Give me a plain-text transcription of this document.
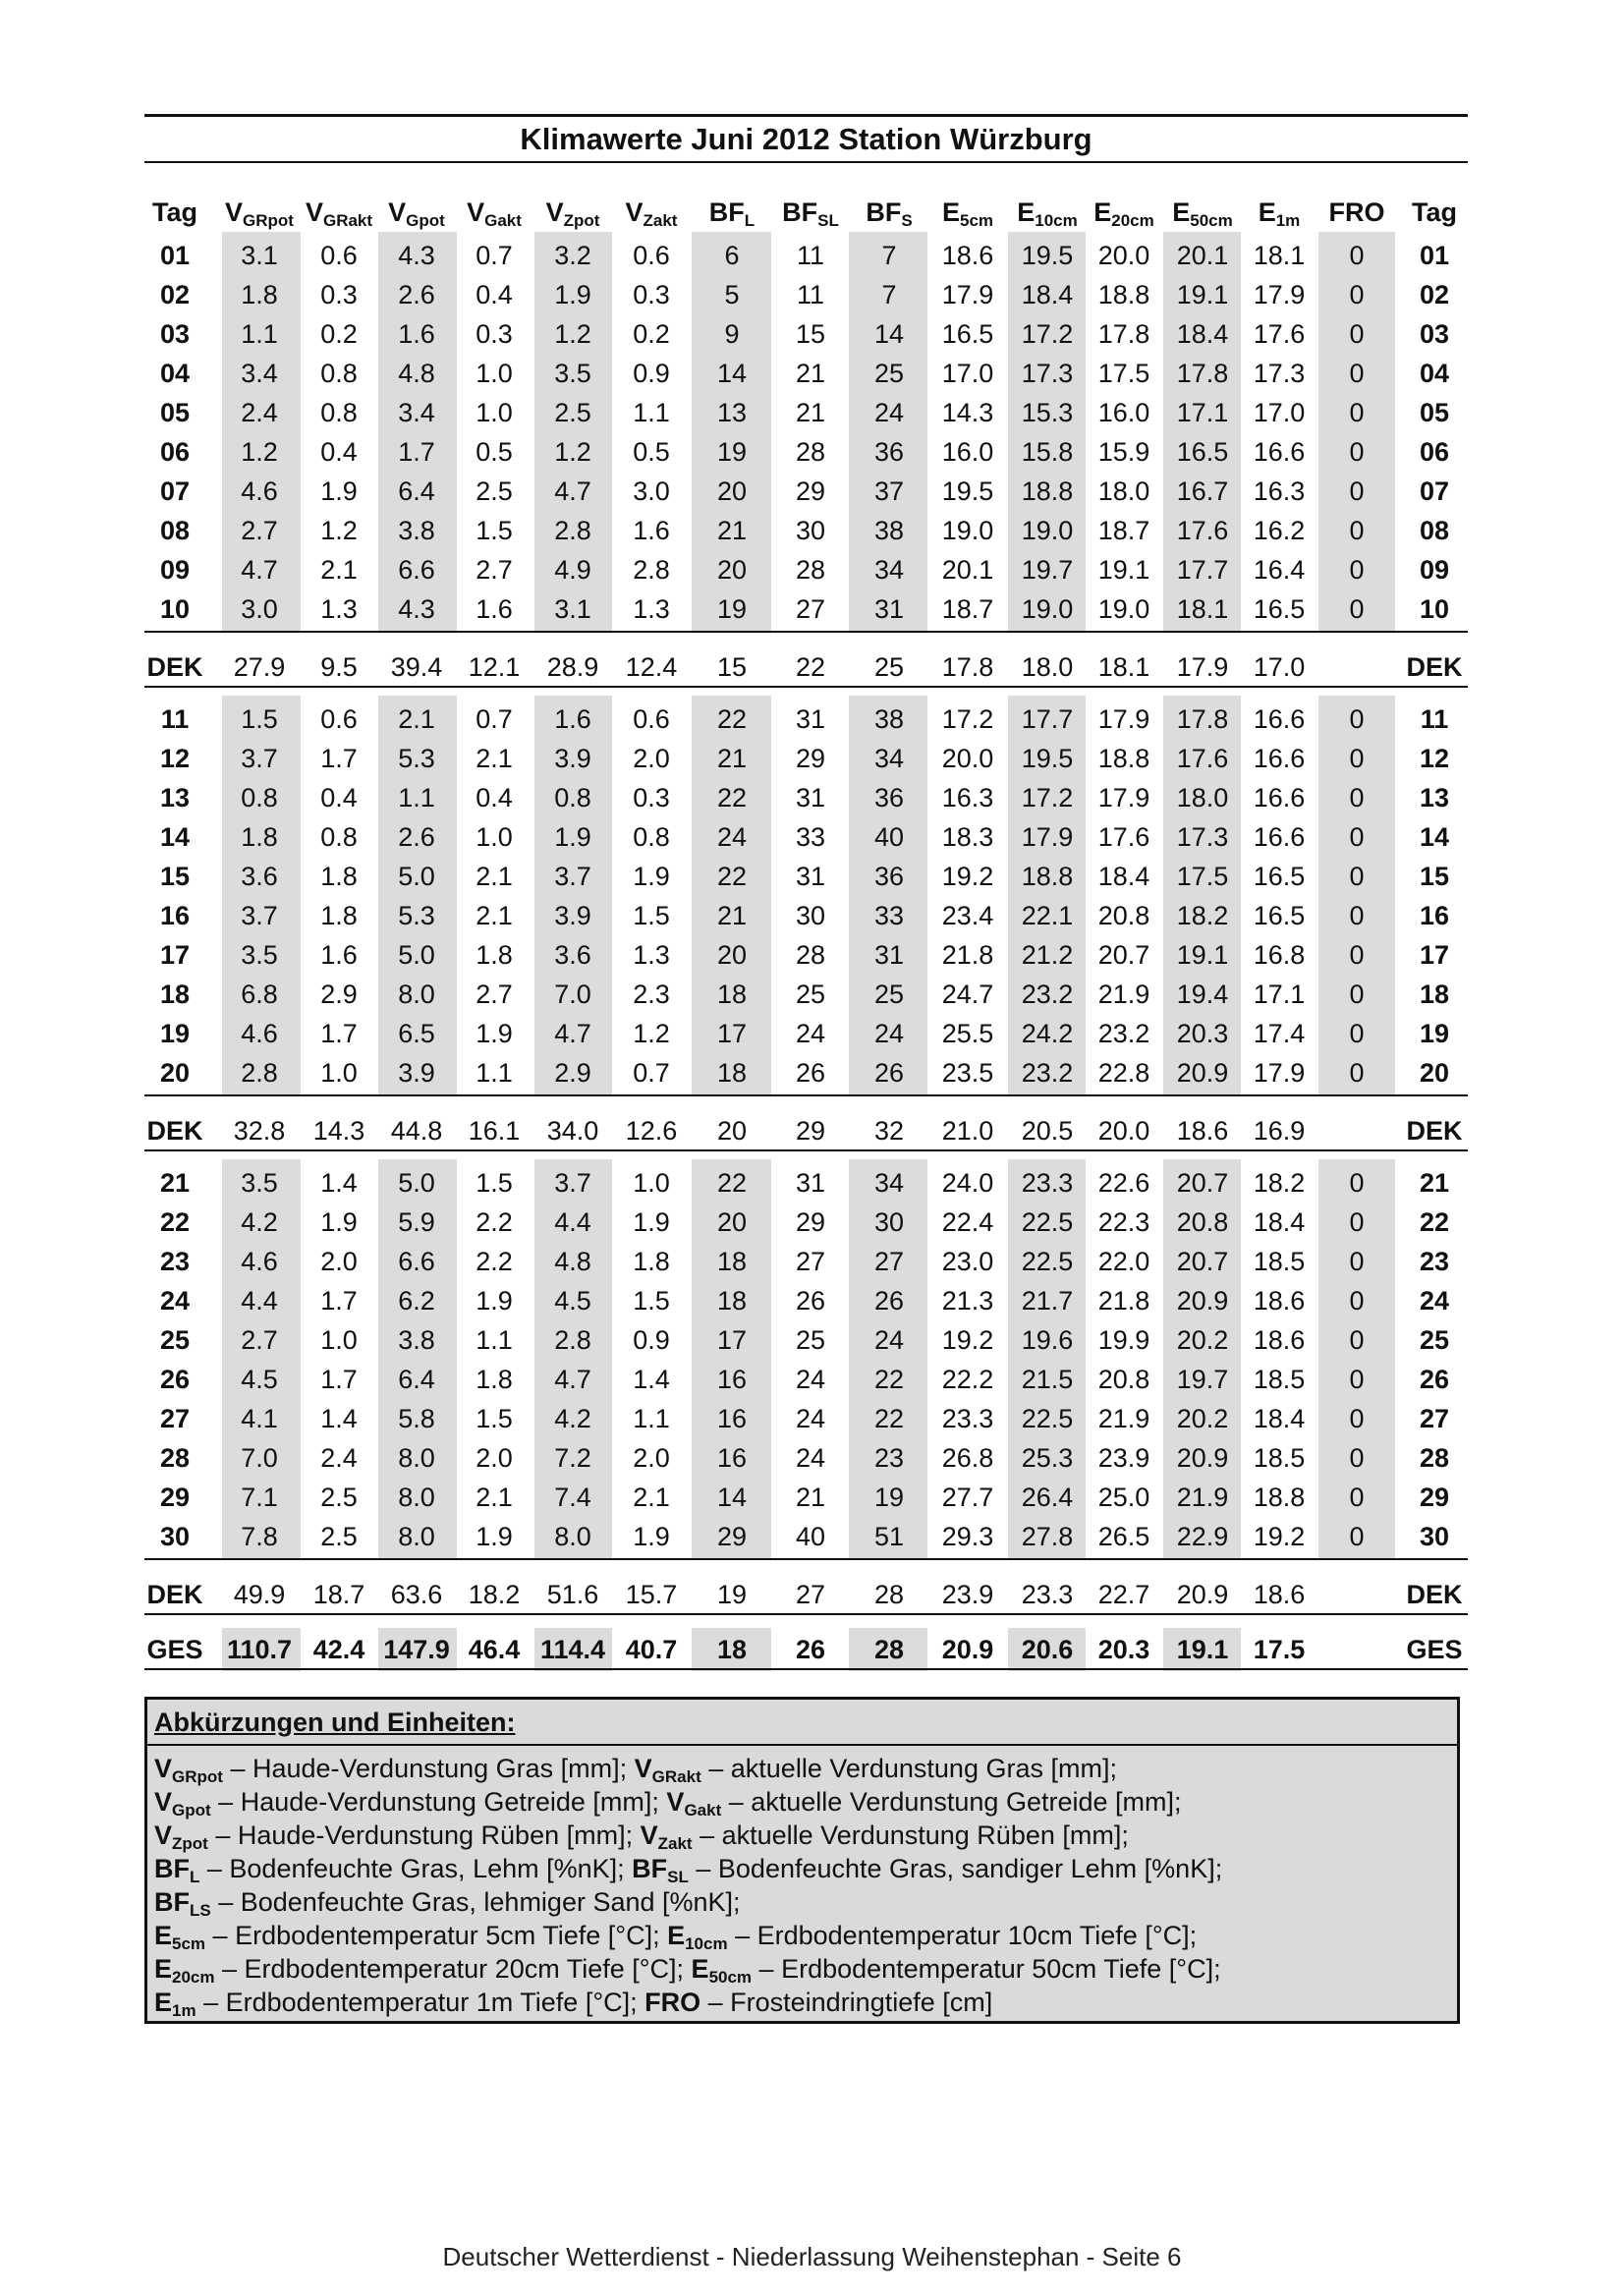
Klimawerte Juni 2012 Station Würzburg
Tag	$V_{GRpot}$ $V_{GRakt}$ $V_{Gpot}$ $V_{Gakt}$ $V_{Zpot}$ $V_{Zakt}$	$BF_L$	$BF_{SL}$	$BF_S$	$E_{5cm}$ $E_{10cm}$ $E_{20cm}$ $E_{50cm}$ $E_{1m}$	FRO	Tag
01	3.1	0.6	4.3	0.7	3.2	0.6	6	11	7	18.6	19.5 20.0	20.1 18.1	0	01
02	1.8	0.3	2.6	0.4	1.9	0.3	5	11	7	17.9	18.4 18.8	19.1 17.9	0	02
03	1.1	0.2	1.6	0.3	1.2	0.2	9	15	14	16.5	17.2 17.8	18.4 17.6	0	03
04	3.4	0.8	4.8	1.0	3.5	0.9	14	21	25	17.0	17.3 17.5	17.8 17.3	0	04
05	2.4	0.8	3.4	1.0	2.5	1.1	13	21	24	14.3	15.3 16.0	17.1 17.0	0	05
06	1.2	0.4	1.7	0.5	1.2	0.5	19	28	36	16.0	15.8 15.9	16.5 16.6	0	06
07	4.6	1.9	6.4	2.5	4.7	3.0	20	29	37	19.5	18.8 18.0	16.7 16.3	0	07
08	2.7	1.2	3.8	1.5	2.8	1.6	21	30	38	19.0	19.0 18.7	17.6 16.2	0	08
09	4.7	2.1	6.6	2.7	4.9	2.8	20	28	34	20.1	19.7 19.1	17.7 16.4	0	09
10	3.0	1.3	4.3	1.6	3.1	1.3	19	27	31	18.7	19.0 19.0	18.1 16.5	0	10
DEK	27.9	9.5	39.4 12.1	28.9	12.4	15	22	25	17.8	18.0 18.1	17.9 17.0	DEK
11	1.5	0.6	2.1	0.7	1.6	0.6	22	31	38	17.2	17.7 17.9	17.8 16.6	0	11
12	3.7	1.7	5.3	2.1	3.9	2.0	21	29	34	20.0	19.5 18.8	17.6 16.6	0	12
13	0.8	0.4	1.1	0.4	0.8	0.3	22	31	36	16.3	17.2 17.9	18.0 16.6	0	13
14	1.8	0.8	2.6	1.0	1.9	0.8	24	33	40	18.3	17.9 17.6	17.3 16.6	0	14
15	3.6	1.8	5.0	2.1	3.7	1.9	22	31	36	19.2	18.8 18.4	17.5 16.5	0	15
16	3.7	1.8	5.3	2.1	3.9	1.5	21	30	33	23.4	22.1 20.8	18.2 16.5	0	16
17	3.5	1.6	5.0	1.8	3.6	1.3	20	28	31	21.8	21.2 20.7	19.1 16.8	0	17
18	6.8	2.9	8.0	2.7	7.0	2.3	18	25	25	24.7	23.2 21.9	19.4 17.1	0	18
19	4.6	1.7	6.5	1.9	4.7	1.2	17	24	24	25.5	24.2 23.2	20.3 17.4	0	19
20	2.8	1.0	3.9	1.1	2.9	0.7	18	26	26	23.5	23.2 22.8	20.9 17.9	0	20
DEK	32.8	14.3 44.8 16.1	34.0	12.6	20	29	32	21.0	20.5 20.0	18.6 16.9	DEK
21	3.5	1.4	5.0	1.5	3.7	1.0	22	31	34	24.0	23.3 22.6	20.7 18.2	0	21
22	4.2	1.9	5.9	2.2	4.4	1.9	20	29	30	22.4	22.5 22.3	20.8 18.4	0	22
23	4.6	2.0	6.6	2.2	4.8	1.8	18	27	27	23.0	22.5 22.0	20.7 18.5	0	23
24	4.4	1.7	6.2	1.9	4.5	1.5	18	26	26	21.3	21.7 21.8	20.9 18.6	0	24
25	2.7	1.0	3.8	1.1	2.8	0.9	17	25	24	19.2	19.6 19.9	20.2 18.6	0	25
26	4.5	1.7	6.4	1.8	4.7	1.4	16	24	22	22.2	21.5 20.8	19.7 18.5	0	26
27	4.1	1.4	5.8	1.5	4.2	1.1	16	24	22	23.3	22.5 21.9	20.2 18.4	0	27
28	7.0	2.4	8.0	2.0	7.2	2.0	16	24	23	26.8	25.3 23.9	20.9 18.5	0	28
29	7.1	2.5	8.0	2.1	7.4	2.1	14	21	19	27.7	26.4 25.0	21.9 18.8	0	29
30	7.8	2.5	8.0	1.9	8.0	1.9	29	40	51	29.3	27.8 26.5	22.9 19.2	0	30
DEK	49.9	18.7 63.6 18.2	51.6	15.7	19	27	28	23.9	23.3 22.7	20.9 18.6	DEK
GES 110.7 42.4 147.9 46.4 114.4 40.7	18	26	28	20.9	20.6 20.3	19.1 17.5	GES
Abkürzungen und Einheiten:
$V_{GRpot}$ – Haude-Verdunstung Gras [mm]; $V_{GRakt}$ – aktuelle Verdunstung Gras [mm];
$V_{Gpot}$ – Haude-Verdunstung Getreide [mm]; $V_{Gakt}$ – aktuelle Verdunstung Getreide [mm];
$V_{Zpot}$ – Haude-Verdunstung Rüben [mm]; $V_{Zakt}$ – aktuelle Verdunstung Rüben [mm];
$BF_L$ – Bodenfeuchte Gras, Lehm [%nK]; $BF_{SL}$ – Bodenfeuchte Gras, sandiger Lehm [%nK];
$BF_{LS}$ – Bodenfeuchte Gras, lehmiger Sand [%nK];
$E_{5cm}$ – Erdbodentemperatur 5cm Tiefe [°C]; $E_{10cm}$ – Erdbodentemperatur 10cm Tiefe [°C];
$E_{20cm}$ – Erdbodentemperatur 20cm Tiefe [°C]; $E_{50cm}$ – Erdbodentemperatur 50cm Tiefe [°C];
$E_{1m}$ – Erdbodentemperatur 1m Tiefe [°C]; FRO – Frosteindringtiefe [cm]
Deutscher Wetterdienst - Niederlassung Weihenstephan - Seite 6
